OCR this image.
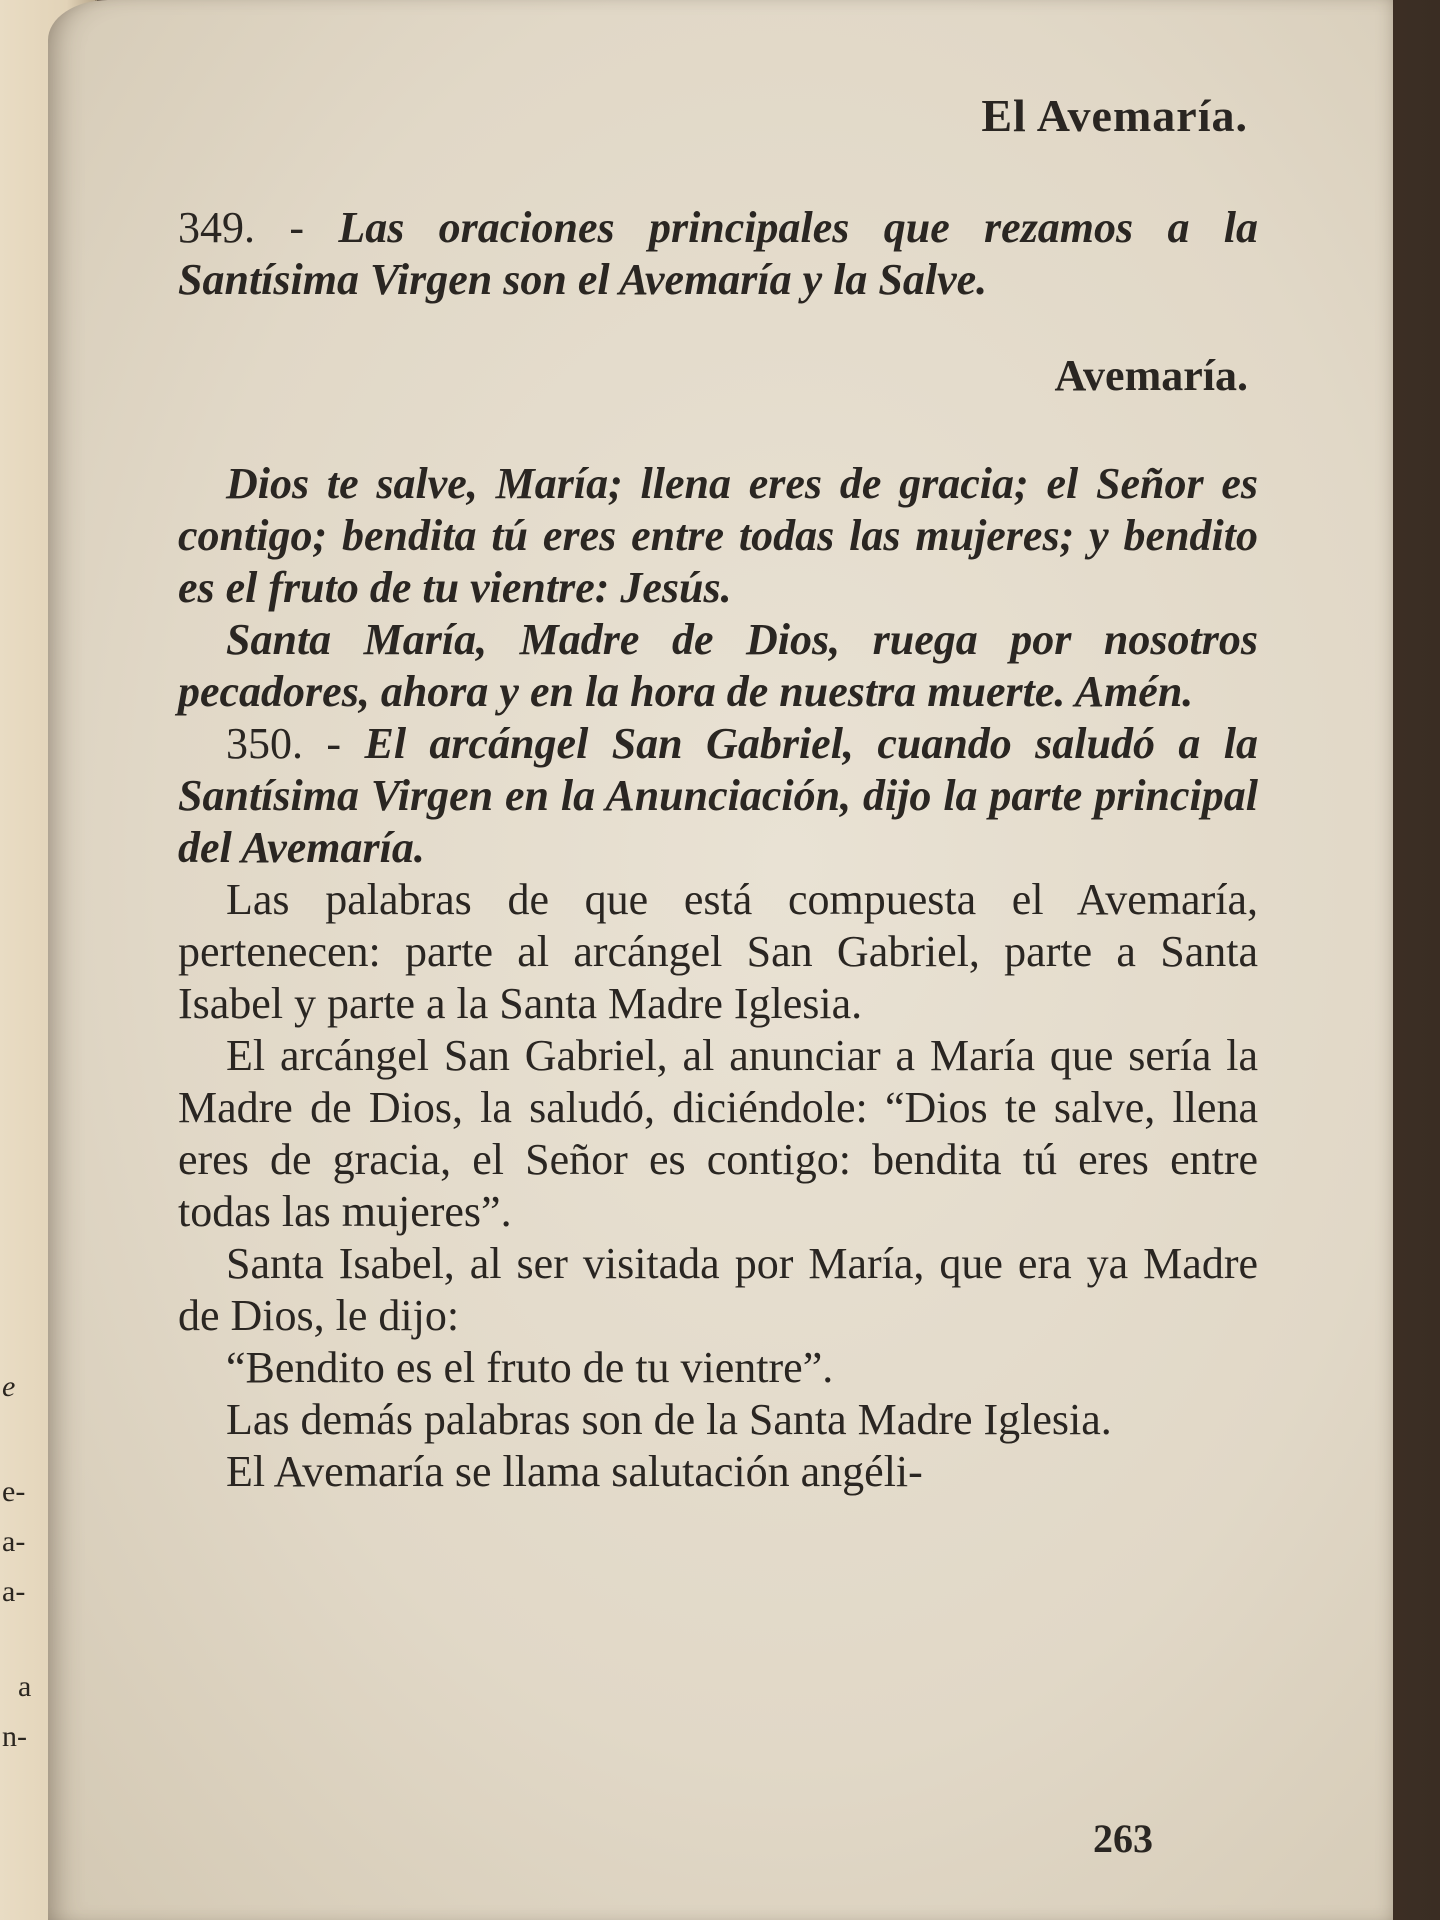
e
e-
a-
a-
a
n-
El Avemaría.
349. - Las oraciones principales que rezamos a la Santísima Virgen son el Avemaría y la Salve.
Avemaría.

Dios te salve, María; llena eres de gracia; el Señor es contigo; bendita tú eres entre todas las mujeres; y bendito es el fruto de tu vientre: Jesús.

Santa María, Madre de Dios, ruega por nosotros pecadores, ahora y en la hora de nuestra muerte. Amén.

350. - El arcángel San Gabriel, cuando saludó a la Santísima Virgen en la Anunciación, dijo la parte principal del Avemaría.

Las palabras de que está compuesta el Avemaría, pertenecen: parte al arcángel San Gabriel, parte a Santa Isabel y parte a la Santa Madre Iglesia.

El arcángel San Gabriel, al anunciar a María que sería la Madre de Dios, la saludó, diciéndole: “Dios te salve, llena eres de gracia, el Señor es contigo: bendita tú eres entre todas las mujeres”.

Santa Isabel, al ser visitada por María, que era ya Madre de Dios, le dijo:

“Bendito es el fruto de tu vientre”.

Las demás palabras son de la Santa Madre Iglesia.

El Avemaría se llama salutación angéli-

263
